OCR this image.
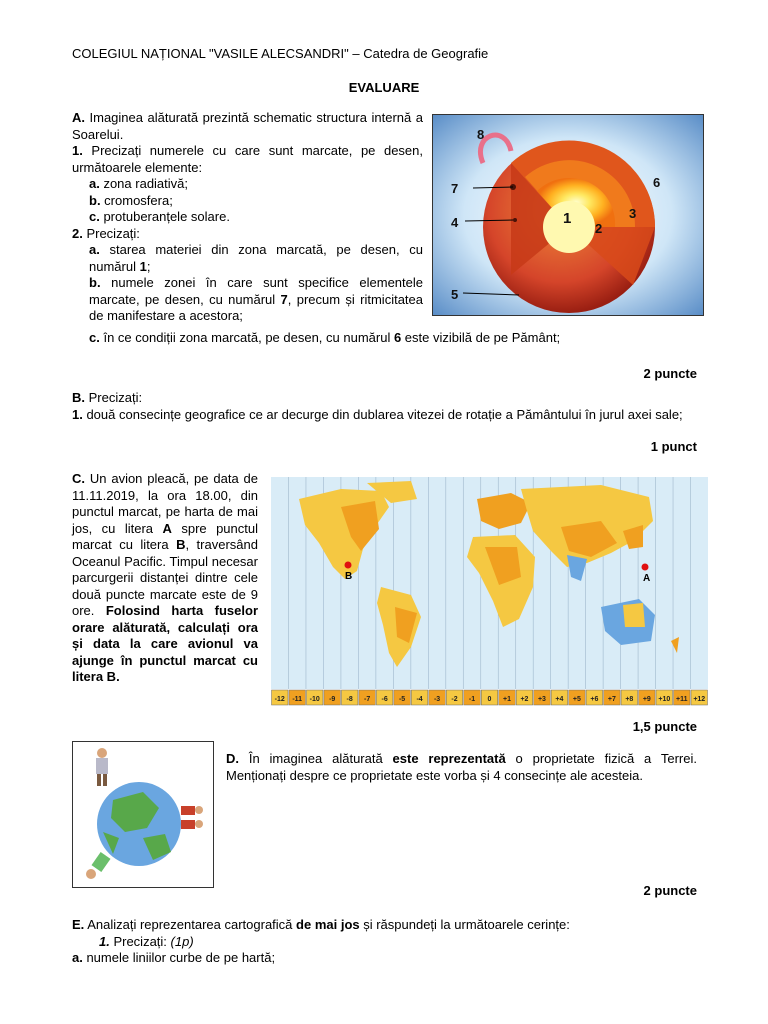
COLEGIUL NAȚIONAL "VASILE ALECSANDRI" – Catedra de Geografie
EVALUARE
A. Imaginea alăturată prezintă schematic structura internă a Soarelui.
1. Precizați numerele cu care sunt marcate, pe desen, următoarele elemente:
a. zona radiativă;
b. cromosfera;
c. protuberanțele solare.
2. Precizați:
a. starea materiei din zona marcată, pe desen, cu numărul 1;
b. numele zonei în care sunt specifice elementele marcate, pe desen, cu numărul 7, precum și ritmicitatea de manifestare a acestora;
c. în ce condiții zona marcată, pe desen, cu numărul 6 este vizibilă de pe Pământ;
2 puncte
8
7
4
5
1
2
3
6
B. Precizați:
1. două consecințe geografice ce ar decurge din dublarea vitezei de rotație a Pământului în jurul axei sale;
1 punct
C. Un avion pleacă, pe data de 11.11.2019, la ora 18.00, din punctul marcat, pe harta de mai jos, cu litera A spre punctul marcat cu litera B, traversând Oceanul Pacific. Timpul necesar parcurgerii distanței dintre cele două puncte marcate este de 9 ore. Folosind harta fuselor orare alăturată, calculați ora și data la care avionul va ajunge în punctul marcat cu litera B.
B	A
-12 -11 -10 -9 -8 -7 -6 -5 -4 -3 -2 -1 0 +1 +2 +3 +4 +5 +6 +7 +8 +9 +10 +11 +12
1,5 puncte
D. În imaginea alăturată este reprezentată o proprietate fizică a Terrei. Menționați despre ce proprietate este vorba și 4 consecințe ale acesteia.
2 puncte
E. Analizați reprezentarea cartografică de mai jos și răspundeți la următoarele cerințe:
1. Precizați: (1p)
a. numele liniilor curbe de pe hartă;
